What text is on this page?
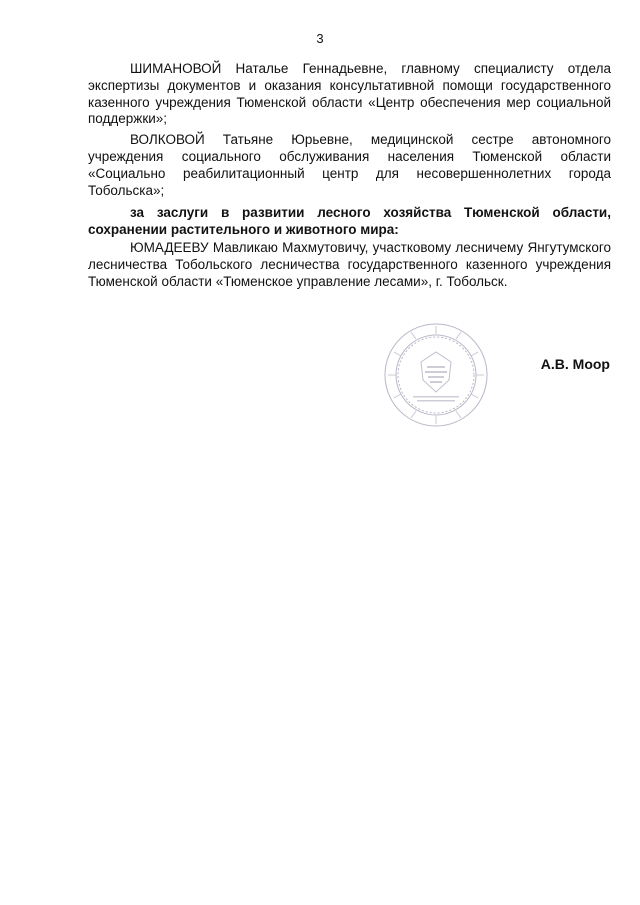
3

ШИМАНОВОЙ Наталье Геннадьевне, главному специалисту отдела экспертизы документов и оказания консультативной помощи государственного казенного учреждения Тюменской области «Центр обеспечения мер социальной поддержки»;

ВОЛКОВОЙ Татьяне Юрьевне, медицинской сестре автономного учреждения социального обслуживания населения Тюменской области «Социально реабилитационный центр для несовершеннолетних города Тобольска»;

за заслуги в развитии лесного хозяйства Тюменской области, сохранении растительного и животного мира:

ЮМАДЕЕВУ Мавликаю Махмутовичу, участковому лесничему Янгутумского лесничества Тобольского лесничества государственного казенного учреждения Тюменской области «Тюменское управление лесами», г. Тобольск.

А.В. Моор
